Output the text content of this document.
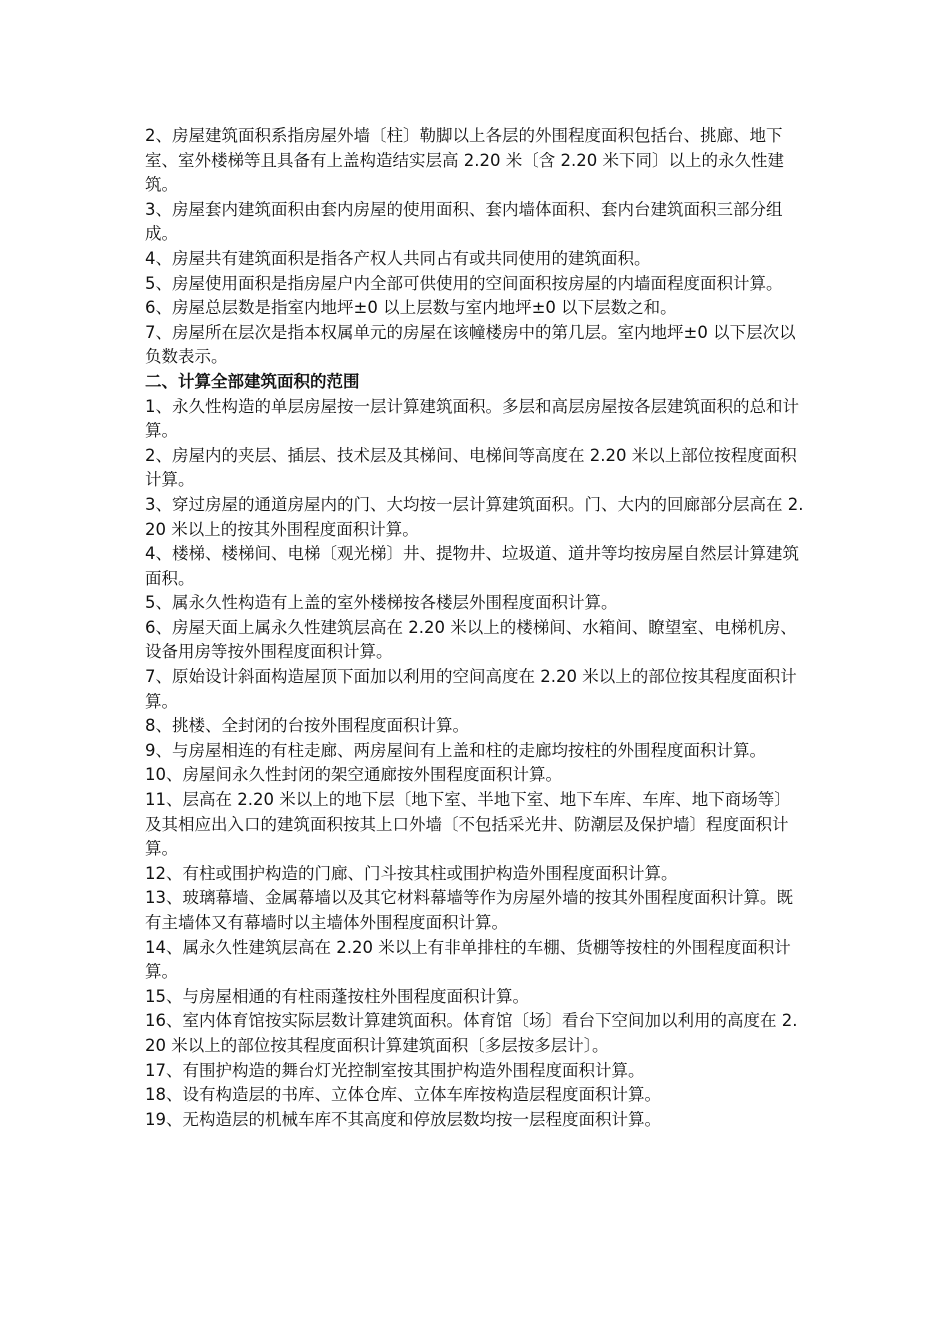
2、房屋建筑面积系指房屋外墙〔柱〕勒脚以上各层的外围程度面积包括台、挑廊、地下室、室外楼梯等且具备有上盖构造结实层高 2.20 米〔含 2.20 米下同〕以上的永久性建筑。

3、房屋套内建筑面积由套内房屋的使用面积、套内墙体面积、套内台建筑面积三部分组成。

4、房屋共有建筑面积是指各产权人共同占有或共同使用的建筑面积。

5、房屋使用面积是指房屋户内全部可供使用的空间面积按房屋的内墙面程度面积计算。

6、房屋总层数是指室内地坪±0 以上层数与室内地坪±0 以下层数之和。

7、房屋所在层次是指本权属单元的房屋在该幢楼房中的第几层。室内地坪±0 以下层次以负数表示。

二、计算全部建筑面积的范围

1、永久性构造的单层房屋按一层计算建筑面积。多层和高层房屋按各层建筑面积的总和计算。

2、房屋内的夹层、插层、技术层及其梯间、电梯间等高度在 2.20 米以上部位按程度面积计算。

3、穿过房屋的通道房屋内的门、大均按一层计算建筑面积。门、大内的回廊部分层高在 2.20 米以上的按其外围程度面积计算。

4、楼梯、楼梯间、电梯〔观光梯〕井、提物井、垃圾道、道井等均按房屋自然层计算建筑面积。

5、属永久性构造有上盖的室外楼梯按各楼层外围程度面积计算。

6、房屋天面上属永久性建筑层高在 2.20 米以上的楼梯间、水箱间、瞭望室、电梯机房、设备用房等按外围程度面积计算。

7、原始设计斜面构造屋顶下面加以利用的空间高度在 2.20 米以上的部位按其程度面积计算。

8、挑楼、全封闭的台按外围程度面积计算。

9、与房屋相连的有柱走廊、两房屋间有上盖和柱的走廊均按柱的外围程度面积计算。

10、房屋间永久性封闭的架空通廊按外围程度面积计算。

11、层高在 2.20 米以上的地下层〔地下室、半地下室、地下车库、车库、地下商场等〕及其相应出入口的建筑面积按其上口外墙〔不包括采光井、防潮层及保护墙〕程度面积计算。

12、有柱或围护构造的门廊、门斗按其柱或围护构造外围程度面积计算。

13、玻璃幕墙、金属幕墙以及其它材料幕墙等作为房屋外墙的按其外围程度面积计算。既有主墙体又有幕墙时以主墙体外围程度面积计算。

14、属永久性建筑层高在 2.20 米以上有非单排柱的车棚、货棚等按柱的外围程度面积计算。

15、与房屋相通的有柱雨蓬按柱外围程度面积计算。

16、室内体育馆按实际层数计算建筑面积。体育馆〔场〕看台下空间加以利用的高度在 2.20 米以上的部位按其程度面积计算建筑面积〔多层按多层计〕。

17、有围护构造的舞台灯光控制室按其围护构造外围程度面积计算。

18、设有构造层的书库、立体仓库、立体车库按构造层程度面积计算。

19、无构造层的机械车库不其高度和停放层数均按一层程度面积计算。
